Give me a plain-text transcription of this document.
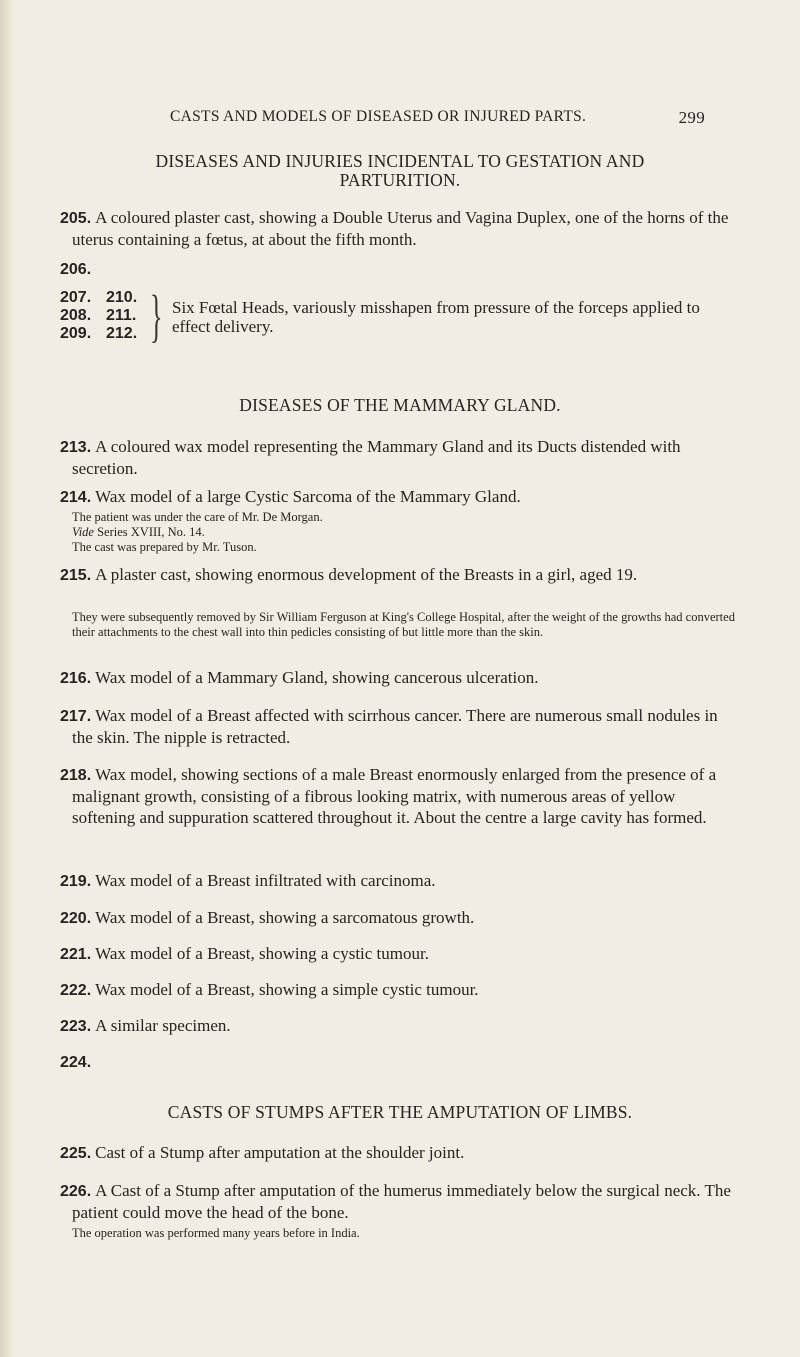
CASTS AND MODELS OF DISEASED OR INJURED PARTS.	299
DISEASES AND INJURIES INCIDENTAL TO GESTATION AND
PARTURITION.
205. A coloured plaster cast, showing a Double Uterus and Vagina Duplex, one of the horns of the uterus containing a fœtus, at about the fifth month.
206.
207.
208.
209.
210.
211.
212. } Six Fœtal Heads, variously misshapen from pressure of the forceps applied to effect delivery.
DISEASES OF THE MAMMARY GLAND.
213. A coloured wax model representing the Mammary Gland and its Ducts distended with secretion.
214. Wax model of a large Cystic Sarcoma of the Mammary Gland.
The patient was under the care of Mr. De Morgan.
Vide Series XVIII, No. 14.
The cast was prepared by Mr. Tuson.
215. A plaster cast, showing enormous development of the Breasts in a girl, aged 19.
They were subsequently removed by Sir William Ferguson at King's College Hospital, after the weight of the growths had converted their attachments to the chest wall into thin pedicles consisting of but little more than the skin.
216. Wax model of a Mammary Gland, showing cancerous ulceration.
217. Wax model of a Breast affected with scirrhous cancer. There are numerous small nodules in the skin. The nipple is retracted.
218. Wax model, showing sections of a male Breast enormously enlarged from the presence of a malignant growth, consisting of a fibrous looking matrix, with numerous areas of yellow softening and suppuration scattered throughout it. About the centre a large cavity has formed.
219. Wax model of a Breast infiltrated with carcinoma.
220. Wax model of a Breast, showing a sarcomatous growth.
221. Wax model of a Breast, showing a cystic tumour.
222. Wax model of a Breast, showing a simple cystic tumour.
223. A similar specimen.
224.
CASTS OF STUMPS AFTER THE AMPUTATION OF LIMBS.
225. Cast of a Stump after amputation at the shoulder joint.
226. A Cast of a Stump after amputation of the humerus immediately below the surgical neck. The patient could move the head of the bone.
The operation was performed many years before in India.
